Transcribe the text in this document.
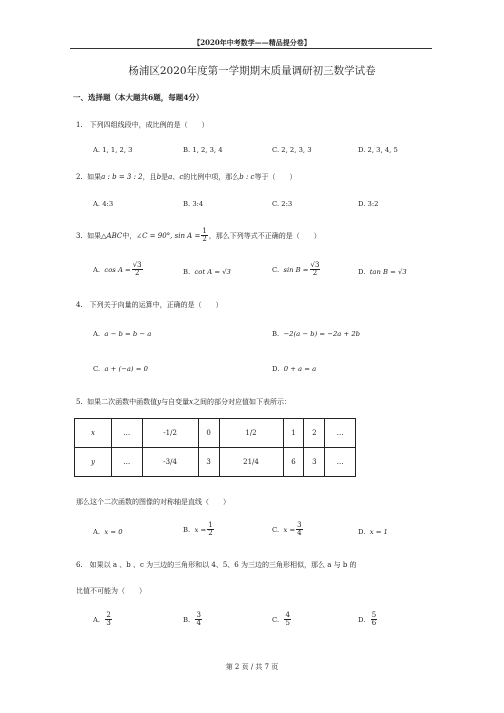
【2020年中考数学——精品提分卷】
杨浦区2020年度第一学期期末质量调研初三数学试卷
一、选择题（本大题共6题，每题4分）
1.　下列四组线段中，成比例的是（　　）
A. 1, 1, 2, 3	B. 1, 2, 3, 4	C. 2, 2, 3, 3	D. 2, 3, 4, 5
2. 如果a : b = 3 : 2，且b是a、c的比例中项，那么b : c等于（　　）
A. 4:3	B. 3:4	C. 2:3	D. 3:2
3. 如果△ABC中，∠C = 90°, $\sin A = \frac{1}{2}$ ，那么下列等式不正确的是（　　）
A. $\cos A = \frac{√3}{2}$	B. cot A = √3	C. $\sin B = \frac{√3}{2}$	D. tan B = √3
4.　下列关于向量的运算中，正确的是（　　）
A. a − b = b − a	B. −2(a − b) = −2a + 2b
C. a + (−a) = 0	D. 0 + a = a
5. 如果二次函数中函数值y与自变量x之间的部分对应值如下表所示：
x	…	-1/2	0	1/2	1	2	…
y	…	-3/4	3	21/4	6	3	…
那么这个二次函数的图像的对称轴是直线（　　）
A. x = 0	B. $x = \frac{1}{2}$	C. $x = \frac{3}{4}$	D. x = 1
6.　如果以 a 、b 、c 为三边的三角形和以 4、5、6 为三边的三角形相似，那么 a 与 b 的
比值不可能为（　　）
A. $\frac{2}{3}$	B. $\frac{3}{4}$	C. $\frac{4}{5}$	D. $\frac{5}{6}$
第 2 页 / 共 7 页
